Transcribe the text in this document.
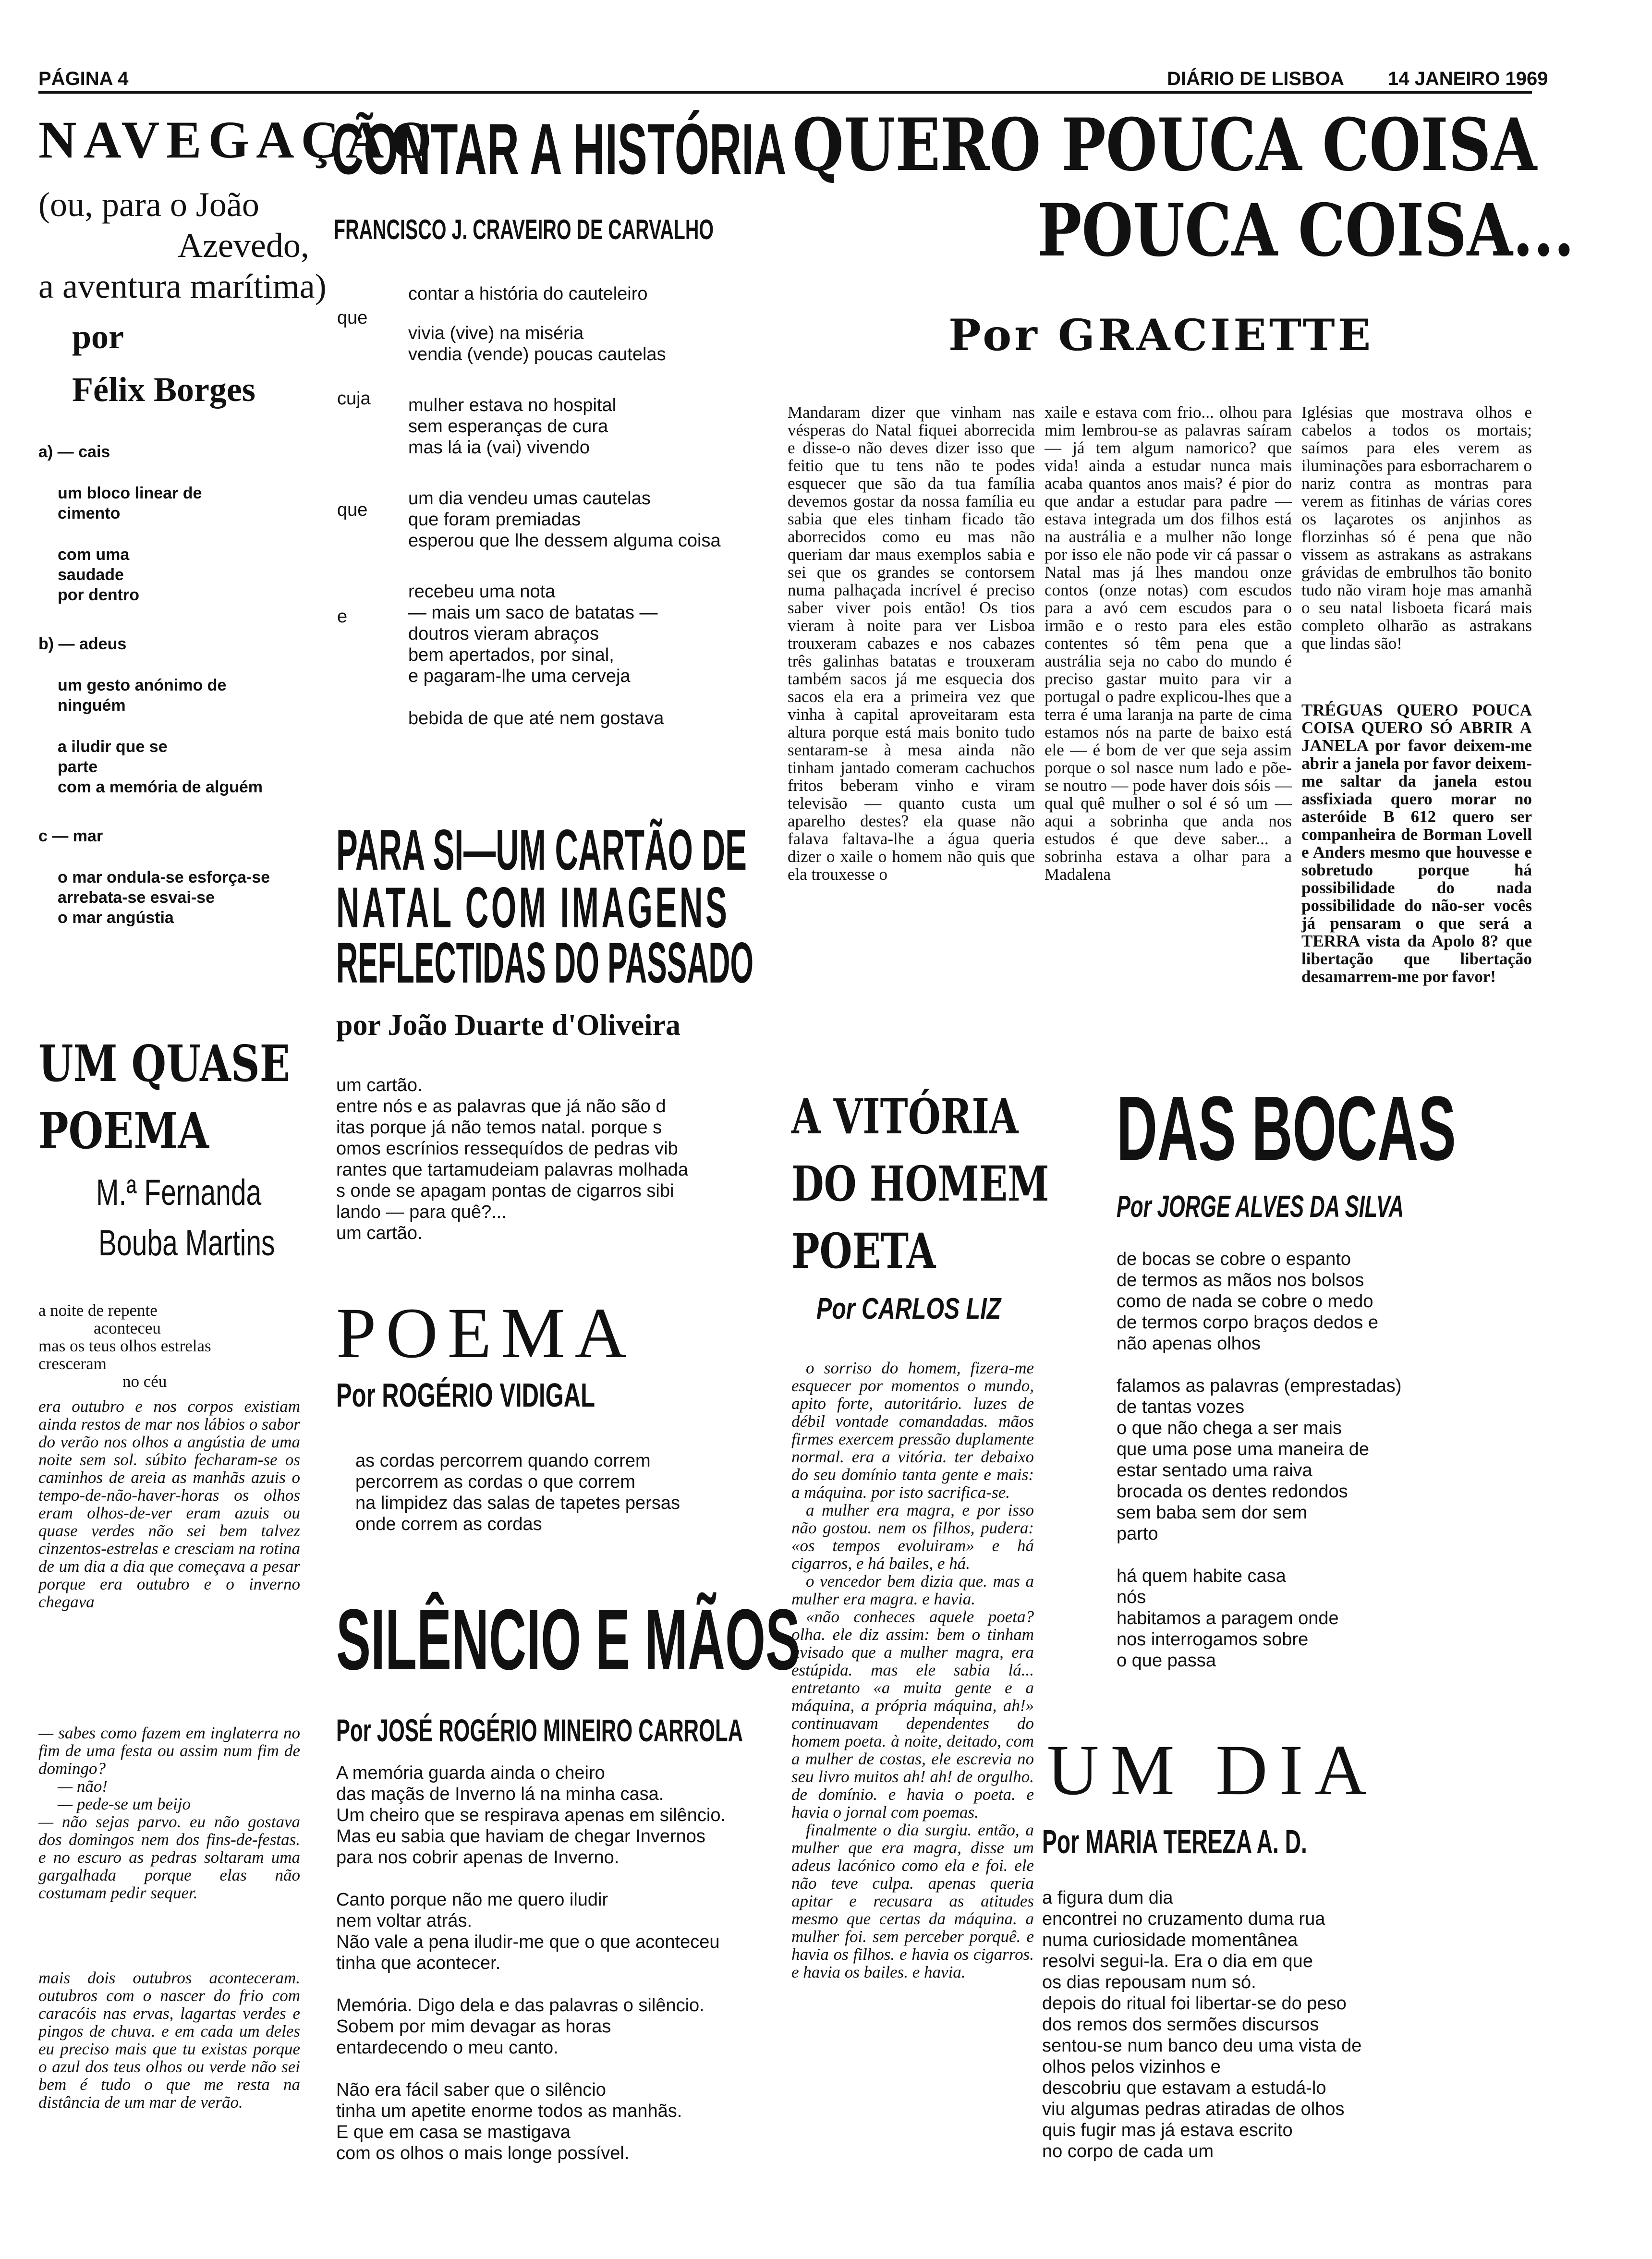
PÁGINA 4	DIÁRIO DE LISBOA 14 JANEIRO 1969
NAVEGAÇÃO
(ou, para o João
Azevedo,
a aventura marítima)
por
Félix Borges
a) — cais
um bloco linear de
cimento
com uma
saudade
por dentro
b) — adeus
um gesto anónimo de
ninguém
a iludir que se
parte
com a memória de alguém
c — mar
o mar ondula-se esforça-se
arrebata-se esvai-se
o mar angústia
CONTAR A HISTÓRIA
FRANCISCO J. CRAVEIRO DE CARVALHO
que
cuja
que
e
contar a história do cauteleiro
vivia (vive) na miséria
vendia (vende) poucas cautelas
mulher estava no hospital
sem esperanças de cura
mas lá ia (vai) vivendo
um dia vendeu umas cautelas
que foram premiadas
esperou que lhe dessem alguma coisa
recebeu uma nota
— mais um saco de batatas —
doutros vieram abraços
bem apertados, por sinal,
e pagaram-lhe uma cerveja
bebida de que até nem gostava
QUERO POUCA COISA
POUCA COISA...
Por GRACIETTE
Mandaram dizer que vinham nas vésperas do Natal fiquei aborrecida e disse-o não deves dizer isso que feitio que tu tens não te podes esquecer que são da tua família devemos gostar da nossa família eu sabia que eles tinham ficado tão aborrecidos como eu mas não queriam dar maus exemplos sabia e sei que os grandes se contorsem numa palhaçada incrível é preciso saber viver pois então! Os tios vieram à noite para ver Lisboa trouxeram cabazes e nos cabazes três galinhas batatas e trouxeram também sacos já me esquecia dos sacos ela era a primeira vez que vinha à capital aproveitaram esta altura porque está mais bonito tudo sentaram-se à mesa ainda não tinham jantado comeram cachuchos fritos beberam vinho e viram televisão — quanto custa um aparelho destes? ela quase não falava faltava-lhe a água queria dizer o xaile o homem não quis que ela trouxesse o
xaile e estava com frio... olhou para mim lembrou-se as palavras saíram — já tem algum namorico? que vida! ainda a estudar nunca mais acaba quantos anos mais? é pior do que andar a estudar para padre — estava integrada um dos filhos está na austrália e a mulher não longe por isso ele não pode vir cá passar o Natal mas já lhes mandou onze contos (onze notas) com escudos para a avó cem escudos para o irmão e o resto para eles estão contentes só têm pena que a austrália seja no cabo do mundo é preciso gastar muito para vir a portugal o padre explicou-lhes que a terra é uma laranja na parte de cima estamos nós na parte de baixo está ele — é bom de ver que seja assim porque o sol nasce num lado e põe-se noutro — pode haver dois sóis — qual quê mulher o sol é só um — aqui a sobrinha que anda nos estudos é que deve saber... a sobrinha estava a olhar para a Madalena
Iglésias que mostrava olhos e cabelos a todos os mortais; saímos para eles verem as iluminações para esborracharem o nariz contra as montras para verem as fitinhas de várias cores os laçarotes os anjinhos as florzinhas só é pena que não vissem as astrakans as astrakans grávidas de embrulhos tão bonito tudo não viram hoje mas amanhã o seu natal lisboeta ficará mais completo olharão as astrakans que lindas são!
TRÉGUAS QUERO POUCA COISA QUERO SÓ ABRIR A JANELA por favor deixem-me abrir a janela por favor deixem-me saltar da janela estou assfixiada quero morar no asteróide B 612 quero ser companheira de Borman Lovell e Anders mesmo que houvesse e sobretudo porque há possibilidade do nada possibilidade do não-ser vocês já pensaram o que será a TERRA vista da Apolo 8? que libertação que libertação desamarrem-me por favor!
PARA SI—UM CARTÃO DE
NATAL COM IMAGENS
REFLECTIDAS DO PASSADO
por João Duarte d'Oliveira
um cartão.
entre nós e as palavras que já não são d
itas porque já não temos natal. porque s
omos escrínios ressequídos de pedras vib
rantes que tartamudeiam palavras molhada
s onde se apagam pontas de cigarros sibi
lando — para quê?...
um cartão.
UM QUASE
POEMA
M.ª Fernanda
Bouba Martins
a noite de repente
aconteceu
mas os teus olhos estrelas
cresceram
no céu
era outubro e nos corpos existiam ainda restos de mar nos lábios o sabor do verão nos olhos a angústia de uma noite sem sol. súbito fecharam-se os caminhos de areia as manhãs azuis o tempo-de-não-haver-horas os olhos eram olhos-de-ver eram azuis ou quase verdes não sei bem talvez cinzentos-estrelas e cresciam na rotina de um dia a dia que começava a pesar porque era outubro e o inverno chegava
— sabes como fazem em inglaterra no fim de uma festa ou assim num fim de domingo?
— não!
— pede-se um beijo
— não sejas parvo. eu não gostava dos domingos nem dos fins-de-festas. e no escuro as pedras soltaram uma gargalhada porque elas não costumam pedir sequer.
mais dois outubros aconteceram. outubros com o nascer do frio com caracóis nas ervas, lagartas verdes e pingos de chuva. e em cada um deles eu preciso mais que tu existas porque o azul dos teus olhos ou verde não sei bem é tudo o que me resta na distância de um mar de verão.
POEMA
Por ROGÉRIO VIDIGAL
as cordas percorrem quando correm
percorrem as cordas o que correm
na limpidez das salas de tapetes persas
onde correm as cordas
SILÊNCIO E MÃOS
Por JOSÉ ROGÉRIO MINEIRO CARROLA
A memória guarda ainda o cheiro
das maçãs de Inverno lá na minha casa.
Um cheiro que se respirava apenas em silêncio.
Mas eu sabia que haviam de chegar Invernos
para nos cobrir apenas de Inverno.
Canto porque não me quero iludir
nem voltar atrás.
Não vale a pena iludir-me que o que aconteceu
tinha que acontecer.
Memória. Digo dela e das palavras o silêncio.
Sobem por mim devagar as horas
entardecendo o meu canto.
Não era fácil saber que o silêncio
tinha um apetite enorme todos as manhãs.
E que em casa se mastigava
com os olhos o mais longe possível.
A VITÓRIA
DO HOMEM
POETA
Por CARLOS LIZ
o sorriso do homem, fizera-me esquecer por momentos o mundo, apito forte, autoritário. luzes de débil vontade comandadas. mãos firmes exercem pressão duplamente normal. era a vitória. ter debaixo do seu domínio tanta gente e mais: a máquina. por isto sacrifica-se.
a mulher era magra, e por isso não gostou. nem os filhos, pudera: «os tempos evoluiram» e há cigarros, e há bailes, e há.
o vencedor bem dizia que. mas a mulher era magra. e havia.
«não conheces aquele poeta? olha. ele diz assim: bem o tinham avisado que a mulher magra, era estúpida. mas ele sabia lá... entretanto «a muita gente e a máquina, a própria máquina, ah!» continuavam dependentes do homem poeta. à noite, deitado, com a mulher de costas, ele escrevia no seu livro muitos ah! ah! de orgulho. de domínio. e havia o poeta. e havia o jornal com poemas.
finalmente o dia surgiu. então, a mulher que era magra, disse um adeus lacónico como ela e foi. ele não teve culpa. apenas queria apitar e recusara as atitudes mesmo que certas da máquina. a mulher foi. sem perceber porquê. e havia os filhos. e havia os cigarros. e havia os bailes. e havia.
DAS BOCAS
Por JORGE ALVES DA SILVA
de bocas se cobre o espanto
de termos as mãos nos bolsos
como de nada se cobre o medo
de termos corpo braços dedos e
não apenas olhos
falamos as palavras (emprestadas)
de tantas vozes
o que não chega a ser mais
que uma pose uma maneira de
estar sentado uma raiva
brocada os dentes redondos
sem baba sem dor sem
parto
há quem habite casa
nós
habitamos a paragem onde
nos interrogamos sobre
o que passa
UM DIA
Por MARIA TEREZA A. D.
a figura dum dia
encontrei no cruzamento duma rua
numa curiosidade momentânea
resolvi segui-la. Era o dia em que
os dias repousam num só.
depois do ritual foi libertar-se do peso
dos remos dos sermões discursos
sentou-se num banco deu uma vista de
olhos pelos vizinhos e
descobriu que estavam a estudá-lo
viu algumas pedras atiradas de olhos
quis fugir mas já estava escrito
no corpo de cada um
